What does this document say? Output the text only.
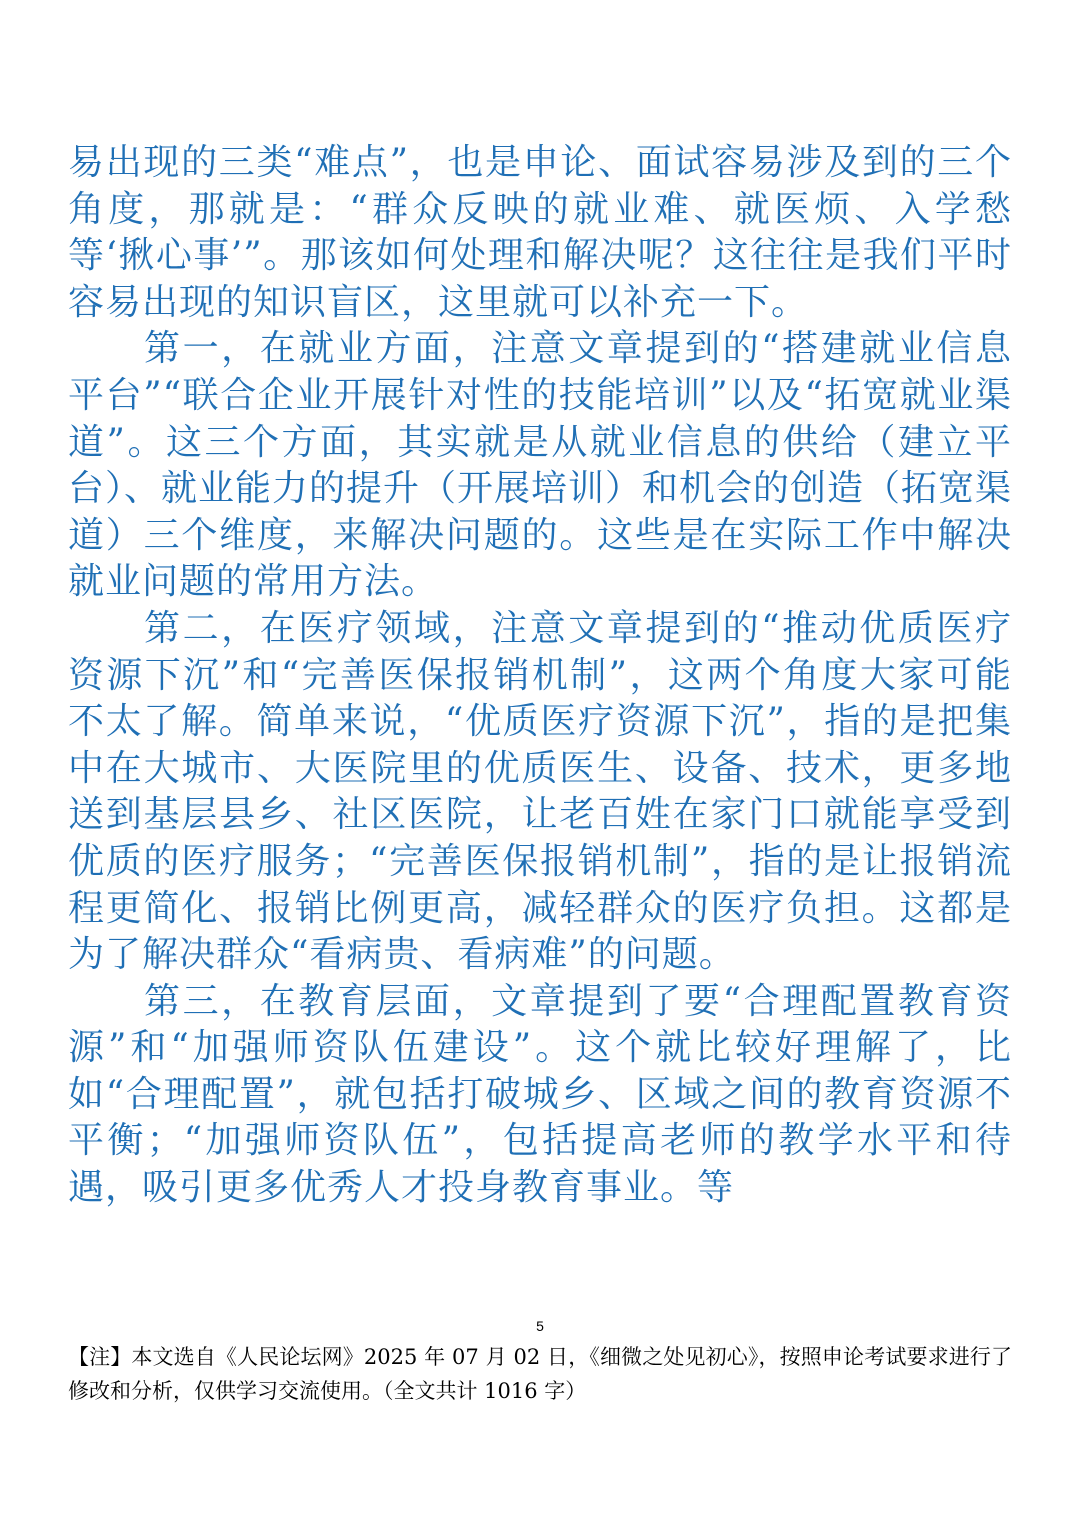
易出现的三类“难点”，也是申论、面试容易涉及到的三个角度，那就是：“群众反映的就业难、就医烦、入学愁等‘揪心事’”。那该如何处理和解决呢？这往往是我们平时容易出现的知识盲区，这里就可以补充一下。

第一，在就业方面，注意文章提到的“搭建就业信息平台”“联合企业开展针对性的技能培训”以及“拓宽就业渠道”。这三个方面，其实就是从就业信息的供给（建立平台）、就业能力的提升（开展培训）和机会的创造（拓宽渠道）三个维度，来解决问题的。这些是在实际工作中解决就业问题的常用方法。

第二，在医疗领域，注意文章提到的“推动优质医疗资源下沉”和“完善医保报销机制”，这两个角度大家可能不太了解。简单来说，“优质医疗资源下沉”，指的是把集中在大城市、大医院里的优质医生、设备、技术，更多地送到基层县乡、社区医院，让老百姓在家门口就能享受到优质的医疗服务；“完善医保报销机制”，指的是让报销流程更简化、报销比例更高，减轻群众的医疗负担。这都是为了解决群众“看病贵、看病难”的问题。

第三，在教育层面，文章提到了要“合理配置教育资源”和“加强师资队伍建设”。这个就比较好理解了，比如“合理配置”，就包括打破城乡、区域之间的教育资源不平衡；“加强师资队伍”，包括提高老师的教学水平和待遇，吸引更多优秀人才投身教育事业。等

5
【注】本文选自《人民论坛网》2025 年 07 月 02 日，《细微之处见初心》，按照申论考试要求进行了修改和分析，仅供学习交流使用。（全文共计 1016 字）
